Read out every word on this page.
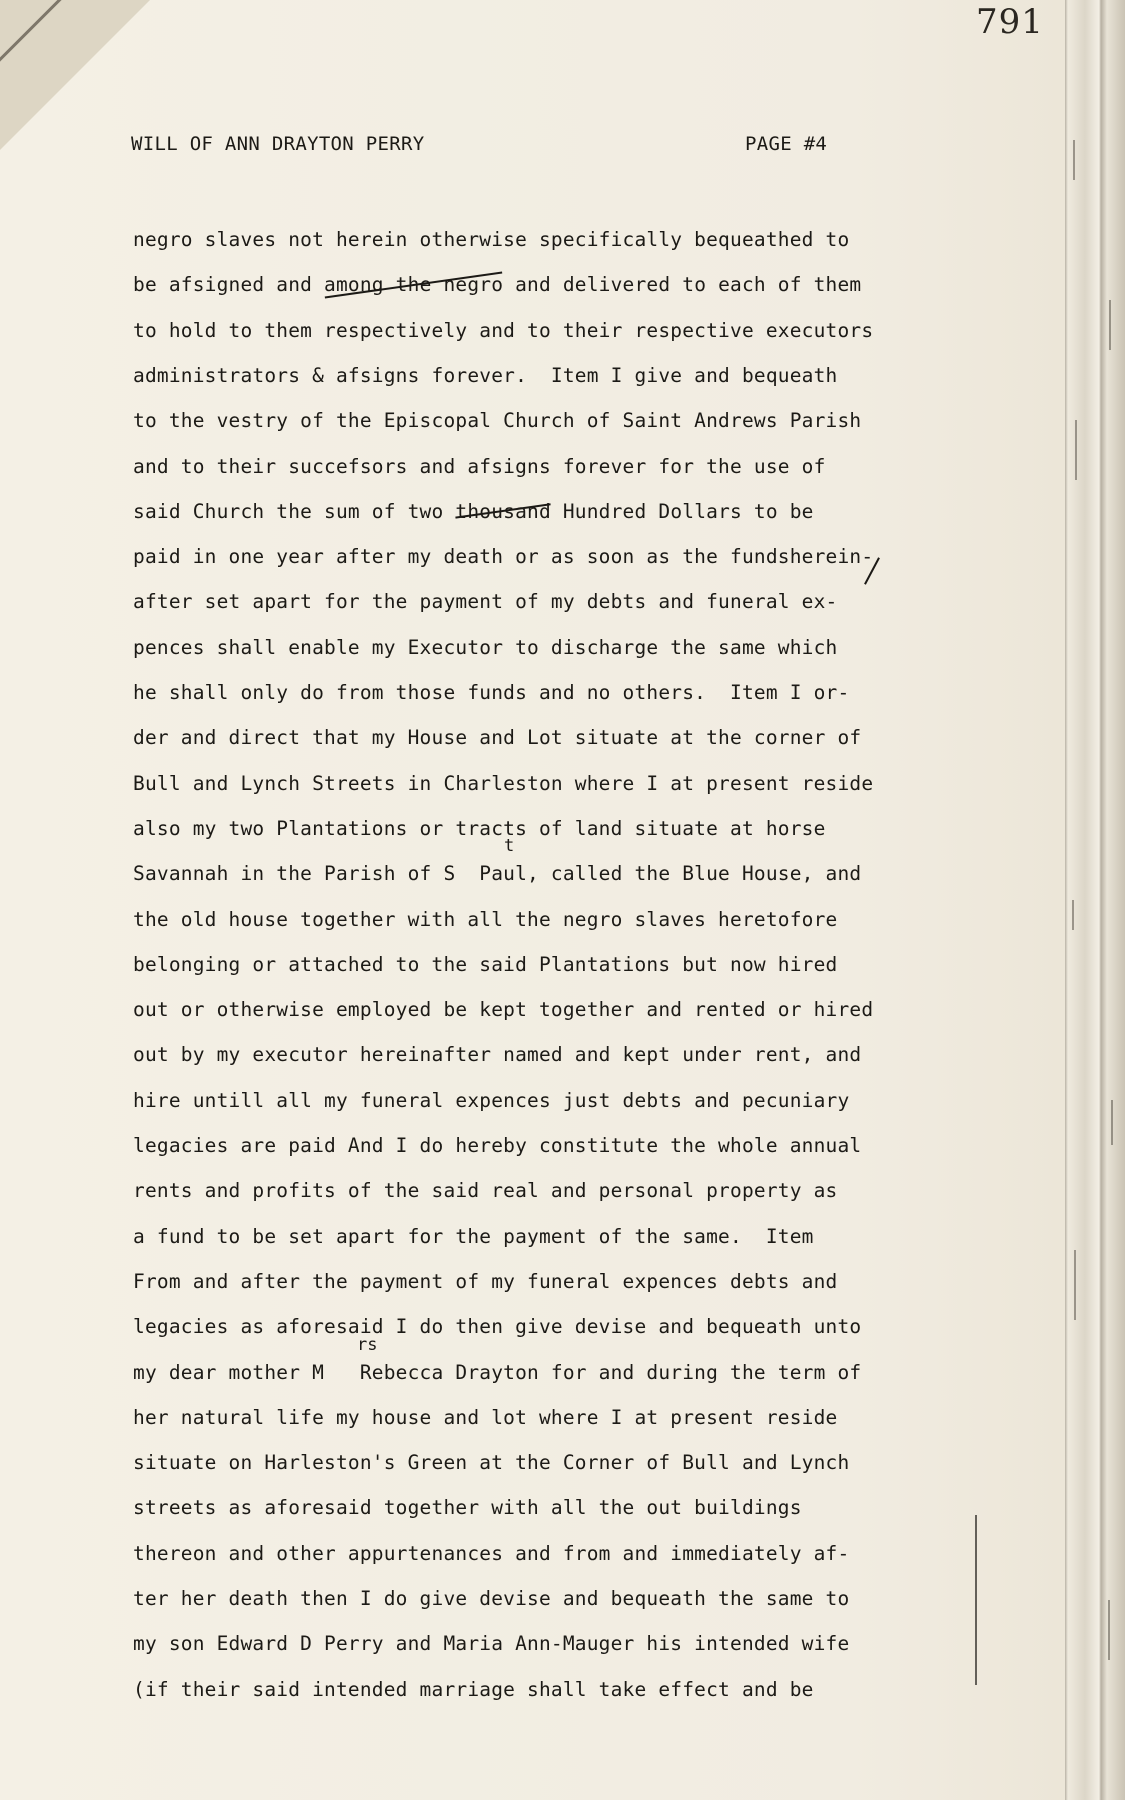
791
WILL OF ANN DRAYTON PERRY	PAGE #4
negro slaves not herein otherwise specifically bequeathed to
be afsigned and among the negro and delivered to each of them
to hold to them respectively and to their respective executors
administrators & afsigns forever.  Item I give and bequeath
to the vestry of the Episcopal Church of Saint Andrews Parish
and to their succefsors and afsigns forever for the use of
said Church the sum of two thousand Hundred Dollars to be
paid in one year after my death or as soon as the fundsherein-
after set apart for the payment of my debts and funeral ex-
pences shall enable my Executor to discharge the same which
he shall only do from those funds and no others.  Item I or-
der and direct that my House and Lot situate at the corner of
Bull and Lynch Streets in Charleston where I at present reside
also my two Plantations or tracts of land situate at horse
Savannah in the Parish of S  Paul, called the Blue House, and
the old house together with all the negro slaves heretofore
belonging or attached to the said Plantations but now hired
out or otherwise employed be kept together and rented or hired
out by my executor hereinafter named and kept under rent, and
hire untill all my funeral expences just debts and pecuniary
legacies are paid And I do hereby constitute the whole annual
rents and profits of the said real and personal property as
a fund to be set apart for the payment of the same.  Item
From and after the payment of my funeral expences debts and
legacies as aforesaid I do then give devise and bequeath unto
my dear mother M   Rebecca Drayton for and during the term of
her natural life my house and lot where I at present reside
situate on Harleston's Green at the Corner of Bull and Lynch
streets as aforesaid together with all the out buildings
thereon and other appurtenances and from and immediately af-
ter her death then I do give devise and bequeath the same to
my son Edward D Perry and Maria Ann-Mauger his intended wife
(if their said intended marriage shall take effect and be
t
rs
